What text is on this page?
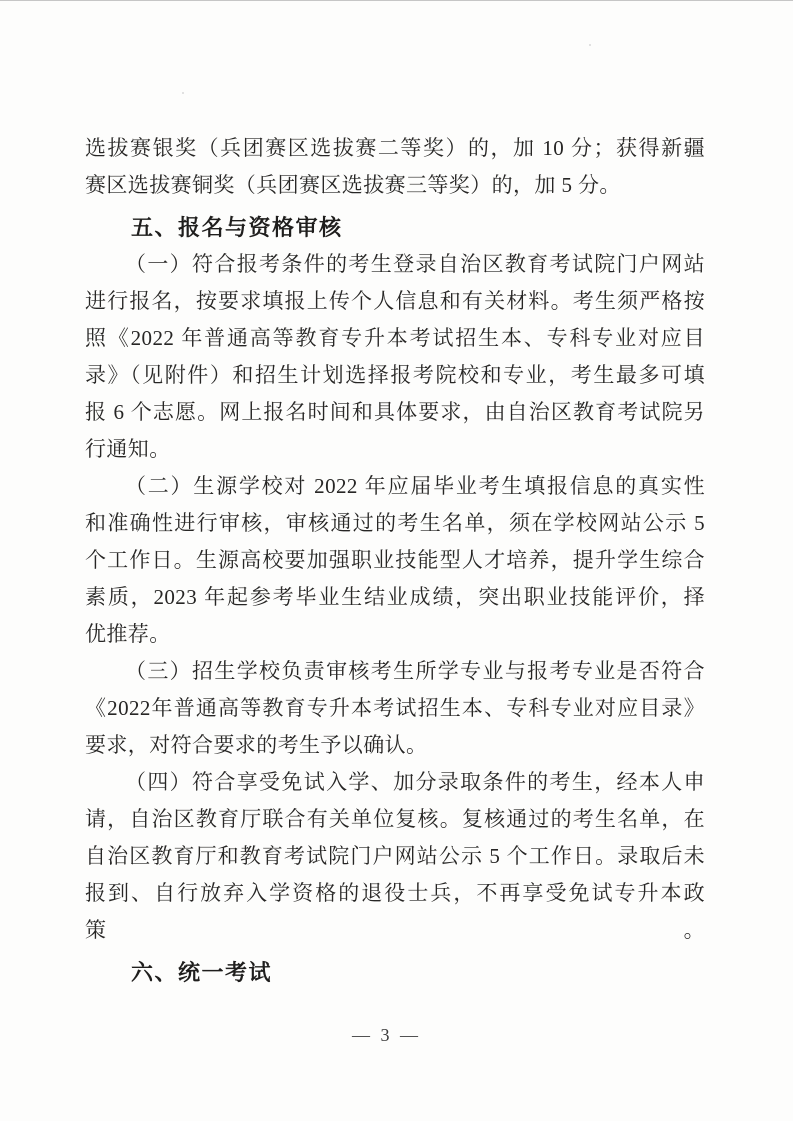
选拔赛银奖（兵团赛区选拔赛二等奖）的，加 10 分；获得新疆

赛区选拔赛铜奖（兵团赛区选拔赛三等奖）的，加 5 分。

五、报名与资格审核

（一）符合报考条件的考生登录自治区教育考试院门户网站

进行报名，按要求填报上传个人信息和有关材料。考生须严格按

照《2022 年普通高等教育专升本考试招生本、专科专业对应目

录》（见附件）和招生计划选择报考院校和专业，考生最多可填

报 6 个志愿。网上报名时间和具体要求，由自治区教育考试院另

行通知。

（二）生源学校对 2022 年应届毕业考生填报信息的真实性

和准确性进行审核，审核通过的考生名单，须在学校网站公示 5

个工作日。生源高校要加强职业技能型人才培养，提升学生综合

素质，2023 年起参考毕业生结业成绩，突出职业技能评价，择

优推荐。

（三）招生学校负责审核考生所学专业与报考专业是否符合

《2022年普通高等教育专升本考试招生本、专科专业对应目录》

要求，对符合要求的考生予以确认。

（四）符合享受免试入学、加分录取条件的考生，经本人申

请，自治区教育厅联合有关单位复核。复核通过的考生名单，在

自治区教育厅和教育考试院门户网站公示 5 个工作日。录取后未

报到、自行放弃入学资格的退役士兵，不再享受免试专升本政策。

六、统一考试
— 3 —
